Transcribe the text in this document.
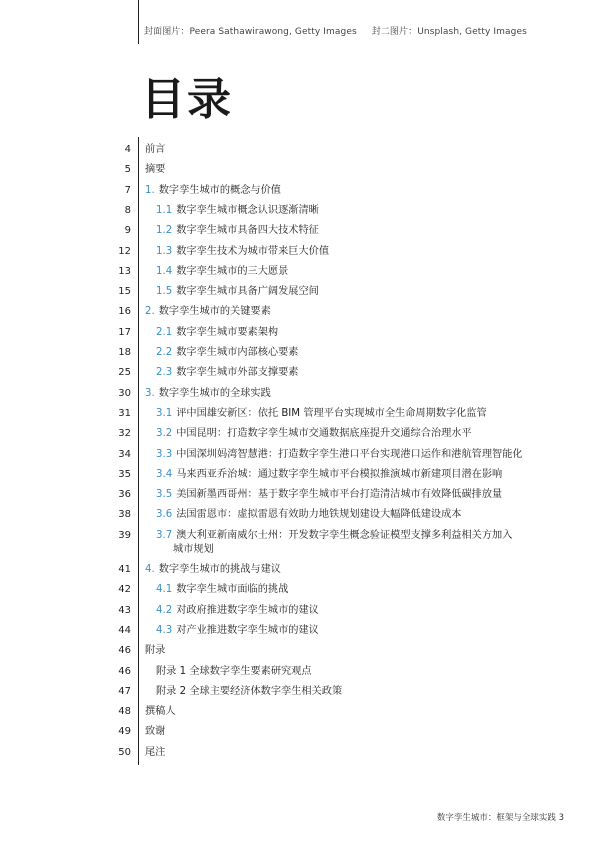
封面图片：Peera Sathawirawong, Getty Images 封二图片：Unsplash, Getty Images
目录
4 前言
5 摘要
7 1. 数字孪生城市的概念与价值
8 1.1 数字孪生城市概念认识逐渐清晰
9 1.2 数字孪生城市具备四大技术特征
12 1.3 数字孪生技术为城市带来巨大价值
13 1.4 数字孪生城市的三大愿景
15 1.5 数字孪生城市具备广阔发展空间
16 2. 数字孪生城市的关键要素
17 2.1 数字孪生城市要素架构
18 2.2 数字孪生城市内部核心要素
25 2.3 数字孪生城市外部支撑要素
30 3. 数字孪生城市的全球实践
31 3.1 评中国雄安新区：依托 BIM 管理平台实现城市全生命周期数字化监管
32 3.2 中国昆明：打造数字孪生城市交通数据底座提升交通综合治理水平
34 3.3 中国深圳妈湾智慧港：打造数字孪生港口平台实现港口运作和港航管理智能化
35 3.4 马来西亚乔治城：通过数字孪生城市平台模拟推演城市新建项目潜在影响
36 3.5 美国新墨西哥州：基于数字孪生城市平台打造清洁城市有效降低碳排放量
38 3.6 法国雷恩市：虚拟雷恩有效助力地铁规划建设大幅降低建设成本
39 3.7 澳大利亚新南威尔士州：开发数字孪生概念验证模型支撑多利益相关方加入
城市规划
41 4. 数字孪生城市的挑战与建议
42 4.1 数字孪生城市面临的挑战
43 4.2 对政府推进数字孪生城市的建议
44 4.3 对产业推进数字孪生城市的建议
46 附录
46 附录 1 全球数字孪生要素研究观点
47 附录 2 全球主要经济体数字孪生相关政策
48 撰稿人
49 致谢
50 尾注
数字孪生城市：框架与全球实践 3
